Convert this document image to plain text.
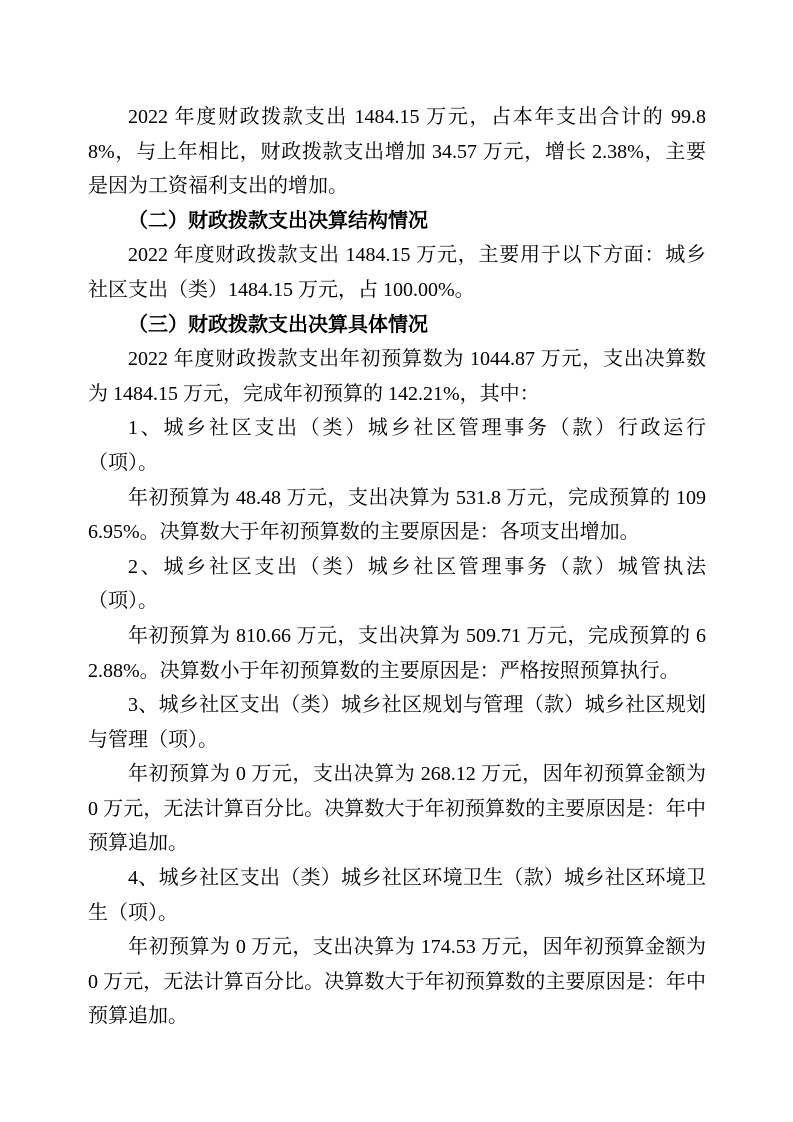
2022 年度财政拨款支出 1484.15 万元，占本年支出合计的 99.88%，与上年相比，财政拨款支出增加 34.57 万元，增长 2.38%，主要是因为工资福利支出的增加。

（二）财政拨款支出决算结构情况

2022 年度财政拨款支出 1484.15 万元，主要用于以下方面：城乡社区支出（类）1484.15 万元，占 100.00%。

（三）财政拨款支出决算具体情况

2022 年度财政拨款支出年初预算数为 1044.87 万元，支出决算数为 1484.15 万元，完成年初预算的 142.21%，其中：

1、城乡社区支出（类）城乡社区管理事务（款）行政运行（项）。

年初预算为 48.48 万元，支出决算为 531.8 万元，完成预算的 1096.95%。决算数大于年初预算数的主要原因是：各项支出增加。

2、城乡社区支出（类）城乡社区管理事务（款）城管执法（项）。

年初预算为 810.66 万元，支出决算为 509.71 万元，完成预算的 62.88%。决算数小于年初预算数的主要原因是：严格按照预算执行。

3、城乡社区支出（类）城乡社区规划与管理（款）城乡社区规划与管理（项）。

年初预算为 0 万元，支出决算为 268.12 万元，因年初预算金额为 0 万元，无法计算百分比。决算数大于年初预算数的主要原因是：年中预算追加。

4、城乡社区支出（类）城乡社区环境卫生（款）城乡社区环境卫生（项）。

年初预算为 0 万元，支出决算为 174.53 万元，因年初预算金额为 0 万元，无法计算百分比。决算数大于年初预算数的主要原因是：年中预算追加。
